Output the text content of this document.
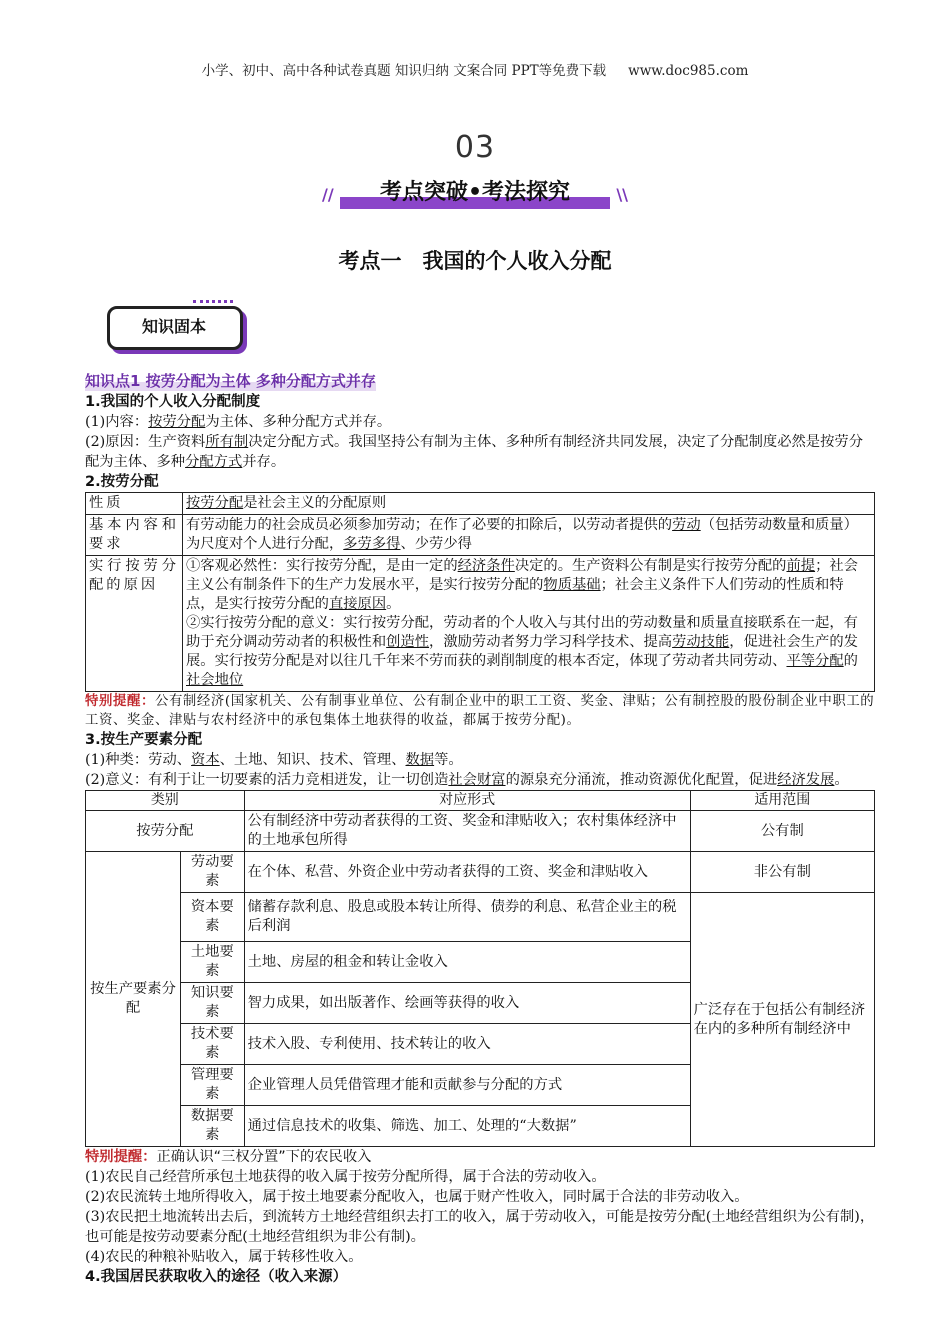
小学、初中、高中各种试卷真题 知识归纳 文案合同 PPT等免费下载 www.doc985.com
03
//	考点突破•考法探究	\\
考点一　我国的个人收入分配
知识固本
知识点1 按劳分配为主体 多种分配方式并存
1.我国的个人收入分配制度

(1)内容：按劳分配为主体、多种分配方式并存。

(2)原因：生产资料所有制决定分配方式。我国坚持公有制为主体、多种所有制经济共同发展，决定了分配制度必然是按劳分配为主体、多种分配方式并存。

2.按劳分配
性质	按劳分配是社会主义的分配原则
基本内容和要求	有劳动能力的社会成员必须参加劳动；在作了必要的扣除后，以劳动者提供的劳动（包括劳动数量和质量）为尺度对个人进行分配，多劳多得、少劳少得
实行按劳分配的原因	①客观必然性：实行按劳分配，是由一定的经济条件决定的。生产资料公有制是实行按劳分配的前提；社会主义公有制条件下的生产力发展水平，是实行按劳分配的物质基础；社会主义条件下人们劳动的性质和特点，是实行按劳分配的直接原因。
②实行按劳分配的意义：实行按劳分配，劳动者的个人收入与其付出的劳动数量和质量直接联系在一起，有助于充分调动劳动者的积极性和创造性，激励劳动者努力学习科学技术、提高劳动技能，促进社会生产的发展。实行按劳分配是对以往几千年来不劳而获的剥削制度的根本否定，体现了劳动者共同劳动、平等分配的社会地位
特别提醒：公有制经济(国家机关、公有制事业单位、公有制企业中的职工工资、奖金、津贴；公有制控股的股份制企业中职工的工资、奖金、津贴与农村经济中的承包集体土地获得的收益，都属于按劳分配)。
3.按生产要素分配

(1)种类：劳动、资本、土地、知识、技术、管理、数据等。

(2)意义：有利于让一切要素的活力竞相迸发，让一切创造社会财富的源泉充分涌流，推动资源优化配置，促进经济发展。

类别		对应形式	适用范围
按劳分配		公有制经济中劳动者获得的工资、奖金和津贴收入；农村集体经济中的土地承包所得	公有制
按生产要素分配	劳动要素	在个体、私营、外资企业中劳动者获得的工资、奖金和津贴收入	非公有制
	资本要素	储蓄存款利息、股息或股本转让所得、债券的利息、私营企业主的税后利润	广泛存在于包括公有制经济在内的多种所有制经济中
	土地要素	土地、房屋的租金和转让金收入	
	知识要素	智力成果，如出版著作、绘画等获得的收入	
	技术要素	技术入股、专利使用、技术转让的收入	
	管理要素	企业管理人员凭借管理才能和贡献参与分配的方式	
	数据要素	通过信息技术的收集、筛选、加工、处理的“大数据”	
特别提醒：正确认识“三权分置”下的农民收入

(1)农民自己经营所承包土地获得的收入属于按劳分配所得，属于合法的劳动收入。

(2)农民流转土地所得收入，属于按土地要素分配收入，也属于财产性收入，同时属于合法的非劳动收入。

(3)农民把土地流转出去后，到流转方土地经营组织去打工的收入，属于劳动收入，可能是按劳分配(土地经营组织为公有制)，也可能是按劳动要素分配(土地经营组织为非公有制)。

(4)农民的种粮补贴收入，属于转移性收入。

4.我国居民获取收入的途径（收入来源）
